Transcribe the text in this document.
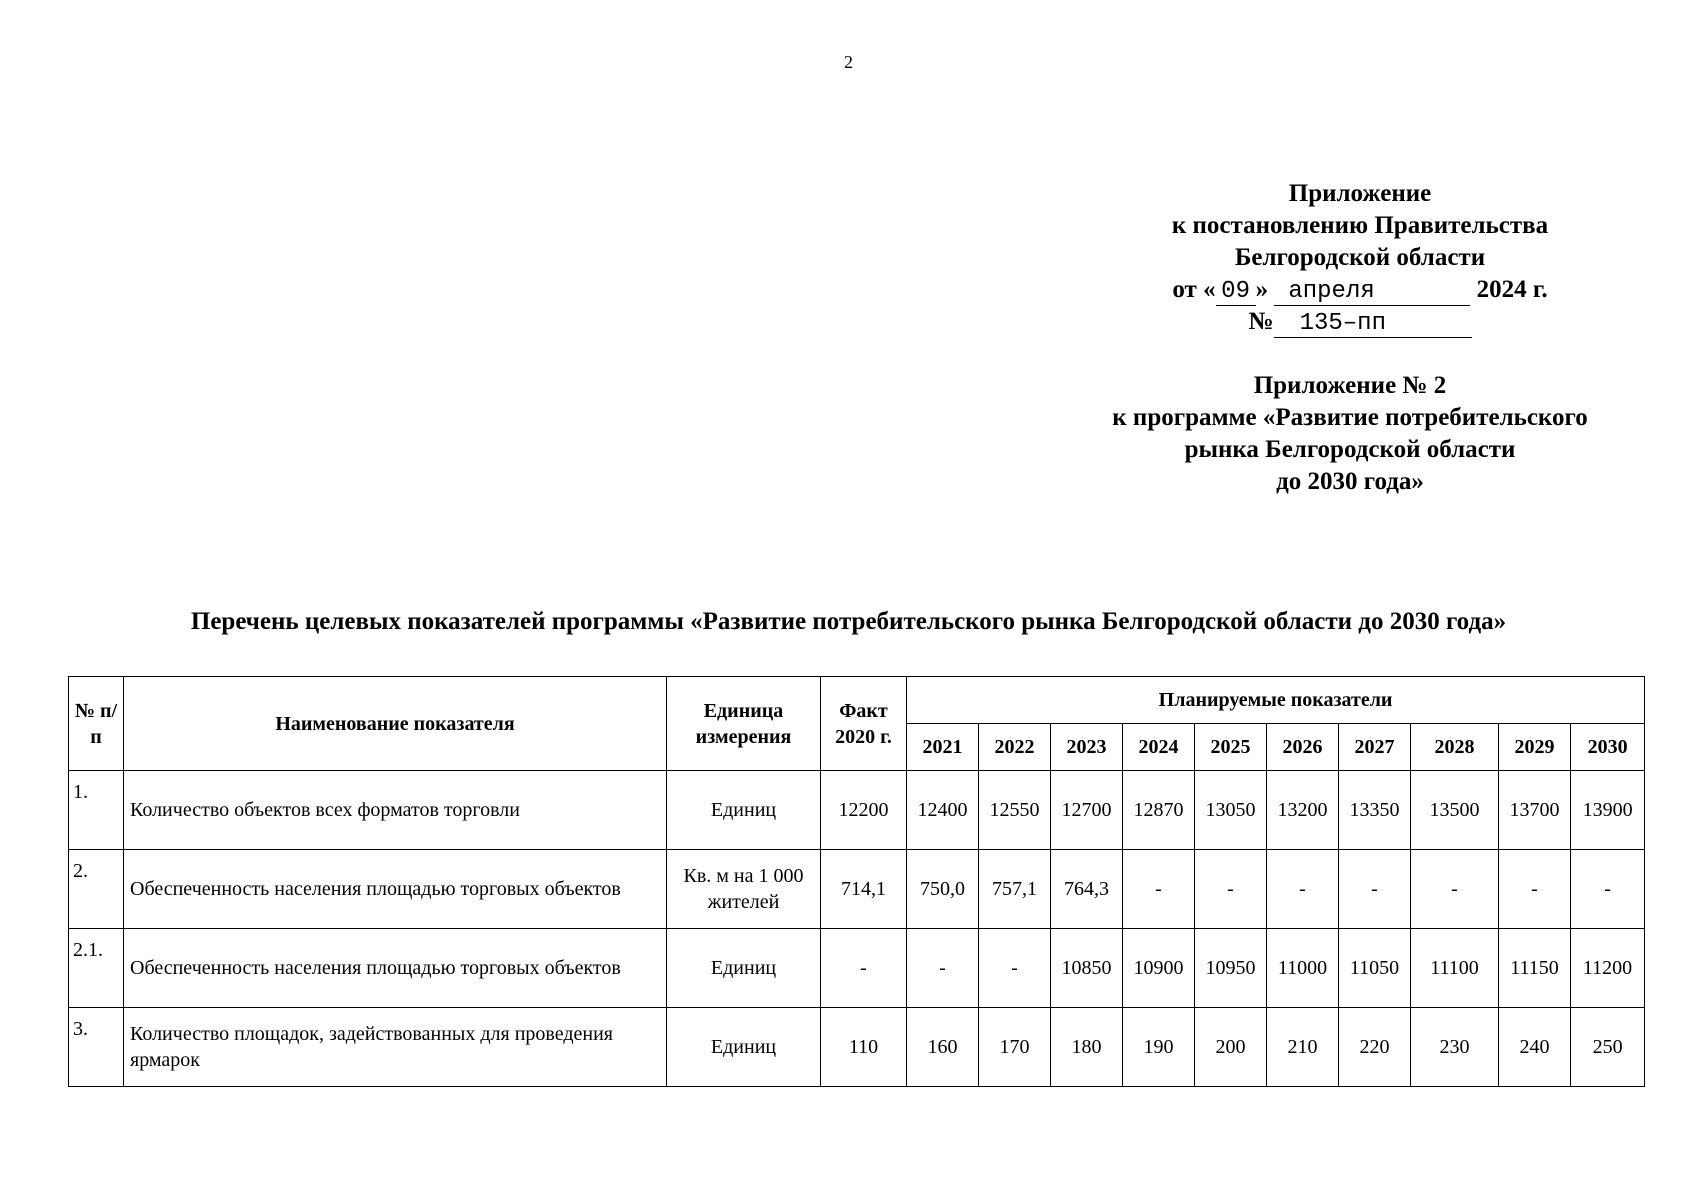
2
Приложение
к постановлению Правительства
Белгородской области
от « 09 » апреля	2024 г.
№ 135–пп
Приложение № 2
к программе «Развитие потребительского
рынка Белгородской области
до 2030 года»
Перечень целевых показателей программы «Развитие потребительского рынка Белгородской области до 2030 года»
№ п/п	Наименование показателя	Единица измерения	Факт 2020 г.	Планируемые показатели									
				2021	2022	2023	2024	2025	2026	2027	2028	2029	2030
1.	Количество объектов всех форматов торговли	Единиц	12200	12400	12550	12700	12870	13050	13200	13350	13500	13700	13900
2.	Обеспеченность населения площадью торговых объектов	Кв. м на 1 000 жителей	714,1	750,0	757,1	764,3	-	-	-	-	-	-	-
2.1.	Обеспеченность населения площадью торговых объектов	Единиц	-	-	-	10850	10900	10950	11000	11050	11100	11150	11200
3.	Количество площадок, задействованных для проведения ярмарок	Единиц	110	160	170	180	190	200	210	220	230	240	250
